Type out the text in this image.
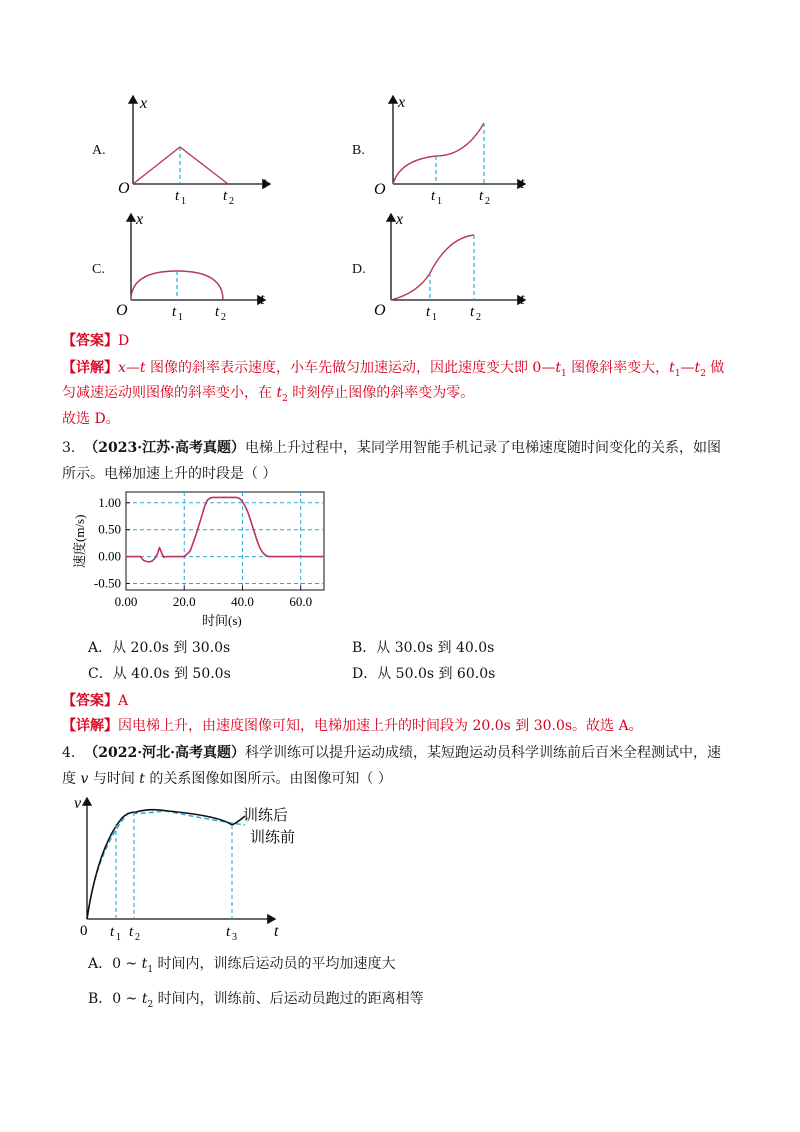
A.
x
t
O	t 1 t 2
B.
x
t
O	t 1 t 2
C.
x
t
O	t 1 t 2
D.
x
t
O	t 1 t 2
【答案】D
【详解】x—t 图像的斜率表示速度，小车先做匀加速运动，因此速度变大即 $0—t_1$ 图像斜率变大，$t_1—t_2$ 做
匀减速运动则图像的斜率变小，在 $t_2$ 时刻停止图像的斜率变为零。
故选 D。
3. （2023·江苏·高考真题）电梯上升过程中，某同学用智能手机记录了电梯速度随时间变化的关系，如图
所示。电梯加速上升的时段是（ ）
0.00	20.0	40.0	60.0
1.00
0.50
0.00
-0.50
速度(m/s)
时间(s)
A．从 20.0s 到 30.0s	B．从 30.0s 到 40.0s
C．从 40.0s 到 50.0s	D．从 50.0s 到 60.0s
【答案】A
【详解】因电梯上升，由速度图像可知，电梯加速上升的时间段为 20.0s 到 30.0s。故选 A。
4. （2022·河北·高考真题）科学训练可以提升运动成绩，某短跑运动员科学训练前后百米全程测试中，速
度 v 与时间 t 的关系图像如图所示。由图像可知（ ）
v
t
0
训练后
训练前
t 1 t 2	t 3
A．0 ~ $t_1$ 时间内，训练后运动员的平均加速度大
B．0 ~ $t_2$ 时间内，训练前、后运动员跑过的距离相等
